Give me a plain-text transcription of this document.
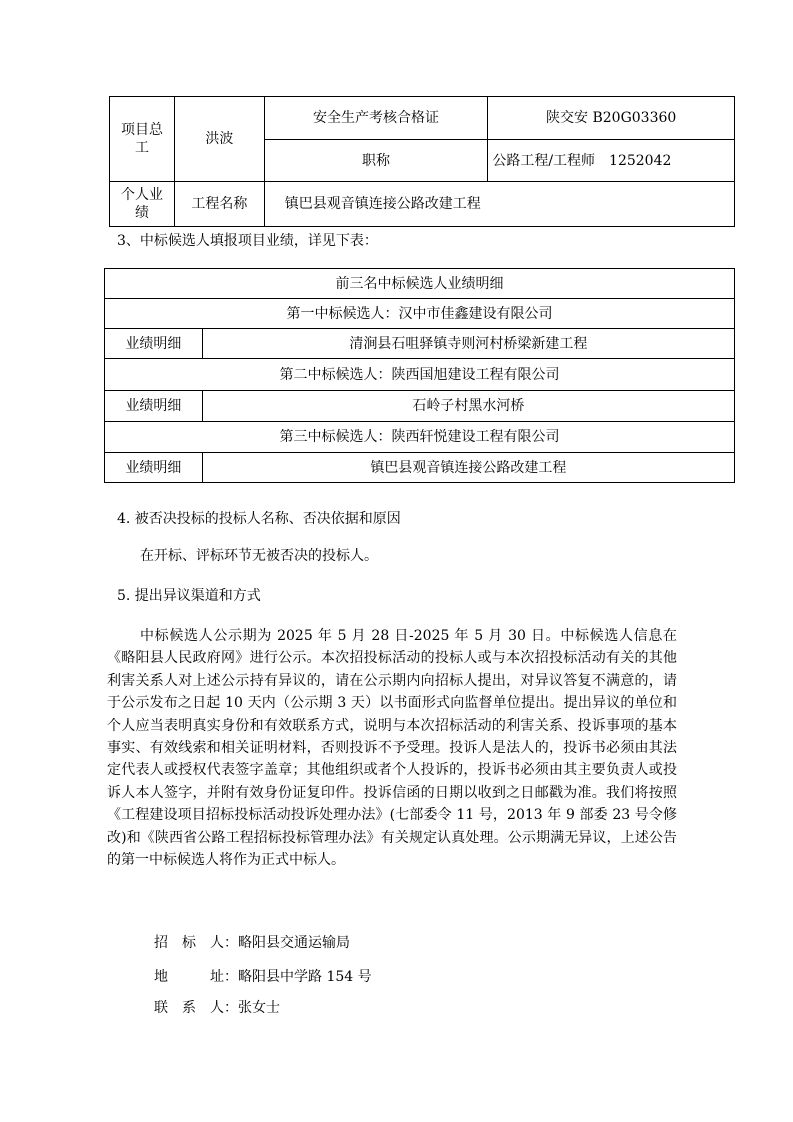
项目总工	洪波	安全生产考核合格证	陕交安 B20G03360
		职称	公路工程/工程师　1252042
个人业绩	工程名称	镇巴县观音镇连接公路改建工程	

3、中标候选人填报项目业绩，详见下表：

前三名中标候选人业绩明细	
第一中标候选人：汉中市佳鑫建设有限公司	
业绩明细	清涧县石咀驿镇寺则河村桥梁新建工程
第二中标候选人：陕西国旭建设工程有限公司	
业绩明细	石岭子村黑水河桥
第三中标候选人：陕西轩悦建设工程有限公司	
业绩明细	镇巴县观音镇连接公路改建工程

4. 被否决投标的投标人名称、否决依据和原因

在开标、评标环节无被否决的投标人。

5. 提出异议渠道和方式

中标候选人公示期为 2025 年 5 月 28 日-2025 年 5 月 30 日。中标候选人信息在《略阳县人民政府网》进行公示。本次招投标活动的投标人或与本次招投标活动有关的其他利害关系人对上述公示持有异议的，请在公示期内向招标人提出，对异议答复不满意的，请于公示发布之日起 10 天内（公示期 3 天）以书面形式向监督单位提出。提出异议的单位和个人应当表明真实身份和有效联系方式，说明与本次招标活动的利害关系、投诉事项的基本事实、有效线索和相关证明材料，否则投诉不予受理。投诉人是法人的，投诉书必须由其法定代表人或授权代表签字盖章；其他组织或者个人投诉的，投诉书必须由其主要负责人或投诉人本人签字，并附有效身份证复印件。投诉信函的日期以收到之日邮戳为准。我们将按照《工程建设项目招标投标活动投诉处理办法》(七部委令 11 号，2013 年 9 部委 23 号令修改)和《陕西省公路工程招标投标管理办法》有关规定认真处理。公示期满无异议，上述公告的第一中标候选人将作为正式中标人。

招　标　人：略阳县交通运输局

地　　　址：略阳县中学路 154 号

联　系　人：张女士
